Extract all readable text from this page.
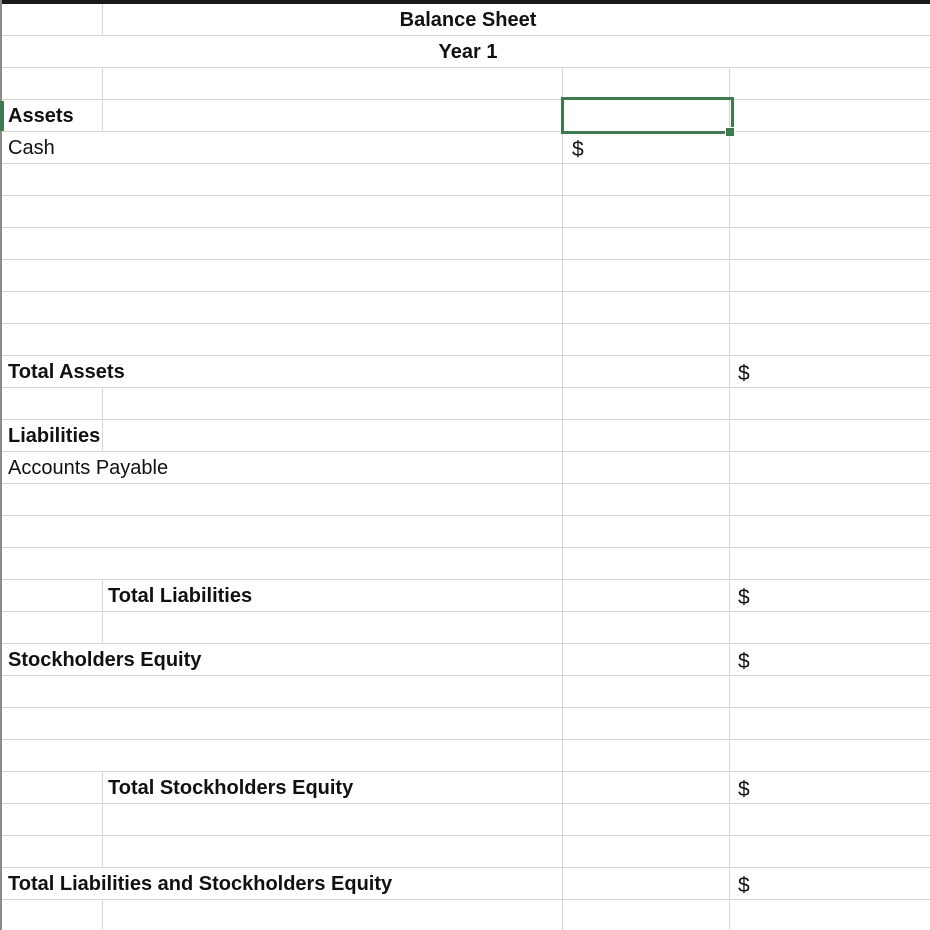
Balance Sheet
Year 1
Assets
Cash
Total Assets
Liabilities
Accounts Payable
Total Liabilities
Stockholders Equity
Total Stockholders Equity
Total Liabilities and Stockholders Equity
$
$
$
$
$
$
